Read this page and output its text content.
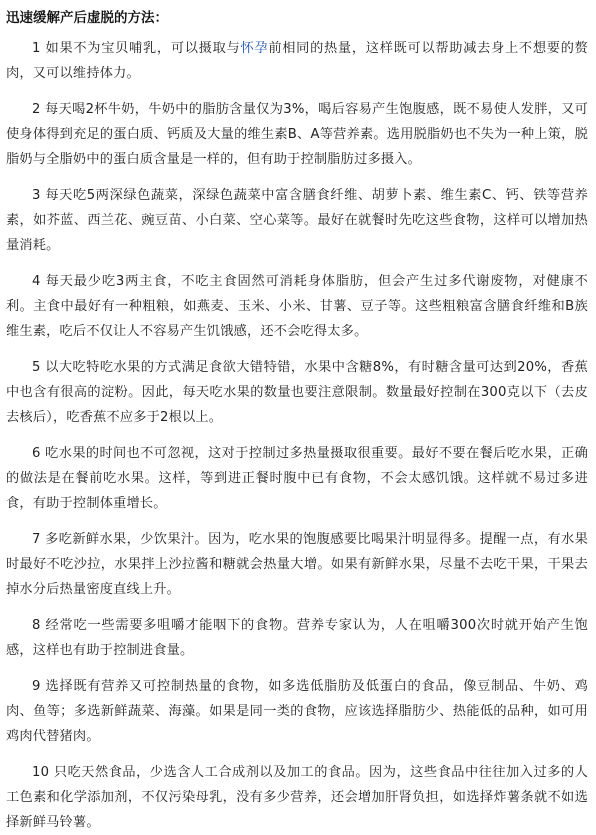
迅速缓解产后虚脱的方法：

1 如果不为宝贝哺乳，可以摄取与怀孕前相同的热量，这样既可以帮助减去身上不想要的赘肉，又可以维持体力。

2 每天喝2杯牛奶，牛奶中的脂肪含量仅为3%，喝后容易产生饱腹感，既不易使人发胖，又可使身体得到充足的蛋白质、钙质及大量的维生素B、A等营养素。选用脱脂奶也不失为一种上策，脱脂奶与全脂奶中的蛋白质含量是一样的，但有助于控制脂肪过多摄入。

3 每天吃5两深绿色蔬菜，深绿色蔬菜中富含膳食纤维、胡萝卜素、维生素C、钙、铁等营养素，如芥蓝、西兰花、豌豆苗、小白菜、空心菜等。最好在就餐时先吃这些食物，这样可以增加热量消耗。

4 每天最少吃3两主食，不吃主食固然可消耗身体脂肪，但会产生过多代谢废物，对健康不利。主食中最好有一种粗粮，如燕麦、玉米、小米、甘薯、豆子等。这些粗粮富含膳食纤维和B族维生素，吃后不仅让人不容易产生饥饿感，还不会吃得太多。

5 以大吃特吃水果的方式满足食欲大错特错，水果中含糖8%，有时糖含量可达到20%，香蕉中也含有很高的淀粉。因此，每天吃水果的数量也要注意限制。数量最好控制在300克以下（去皮去核后），吃香蕉不应多于2根以上。

6 吃水果的时间也不可忽视，这对于控制过多热量摄取很重要。最好不要在餐后吃水果，正确的做法是在餐前吃水果。这样，等到进正餐时腹中已有食物，不会太感饥饿。这样就不易过多进食，有助于控制体重增长。

7 多吃新鲜水果，少饮果汁。因为，吃水果的饱腹感要比喝果汁明显得多。提醒一点，有水果时最好不吃沙拉，水果拌上沙拉酱和糖就会热量大增。如果有新鲜水果，尽量不去吃干果，干果去掉水分后热量密度直线上升。

8 经常吃一些需要多咀嚼才能咽下的食物。营养专家认为，人在咀嚼300次时就开始产生饱感，这样也有助于控制进食量。

9 选择既有营养又可控制热量的食物，如多选低脂肪及低蛋白的食品，像豆制品、牛奶、鸡肉、鱼等；多选新鲜蔬菜、海藻。如果是同一类的食物，应该选择脂肪少、热能低的品种，如可用鸡肉代替猪肉。

10 只吃天然食品，少选含人工合成剂以及加工的食品。因为，这些食品中往往加入过多的人工色素和化学添加剂，不仅污染母乳，没有多少营养，还会增加肝肾负担，如选择炸薯条就不如选择新鲜马铃薯。
